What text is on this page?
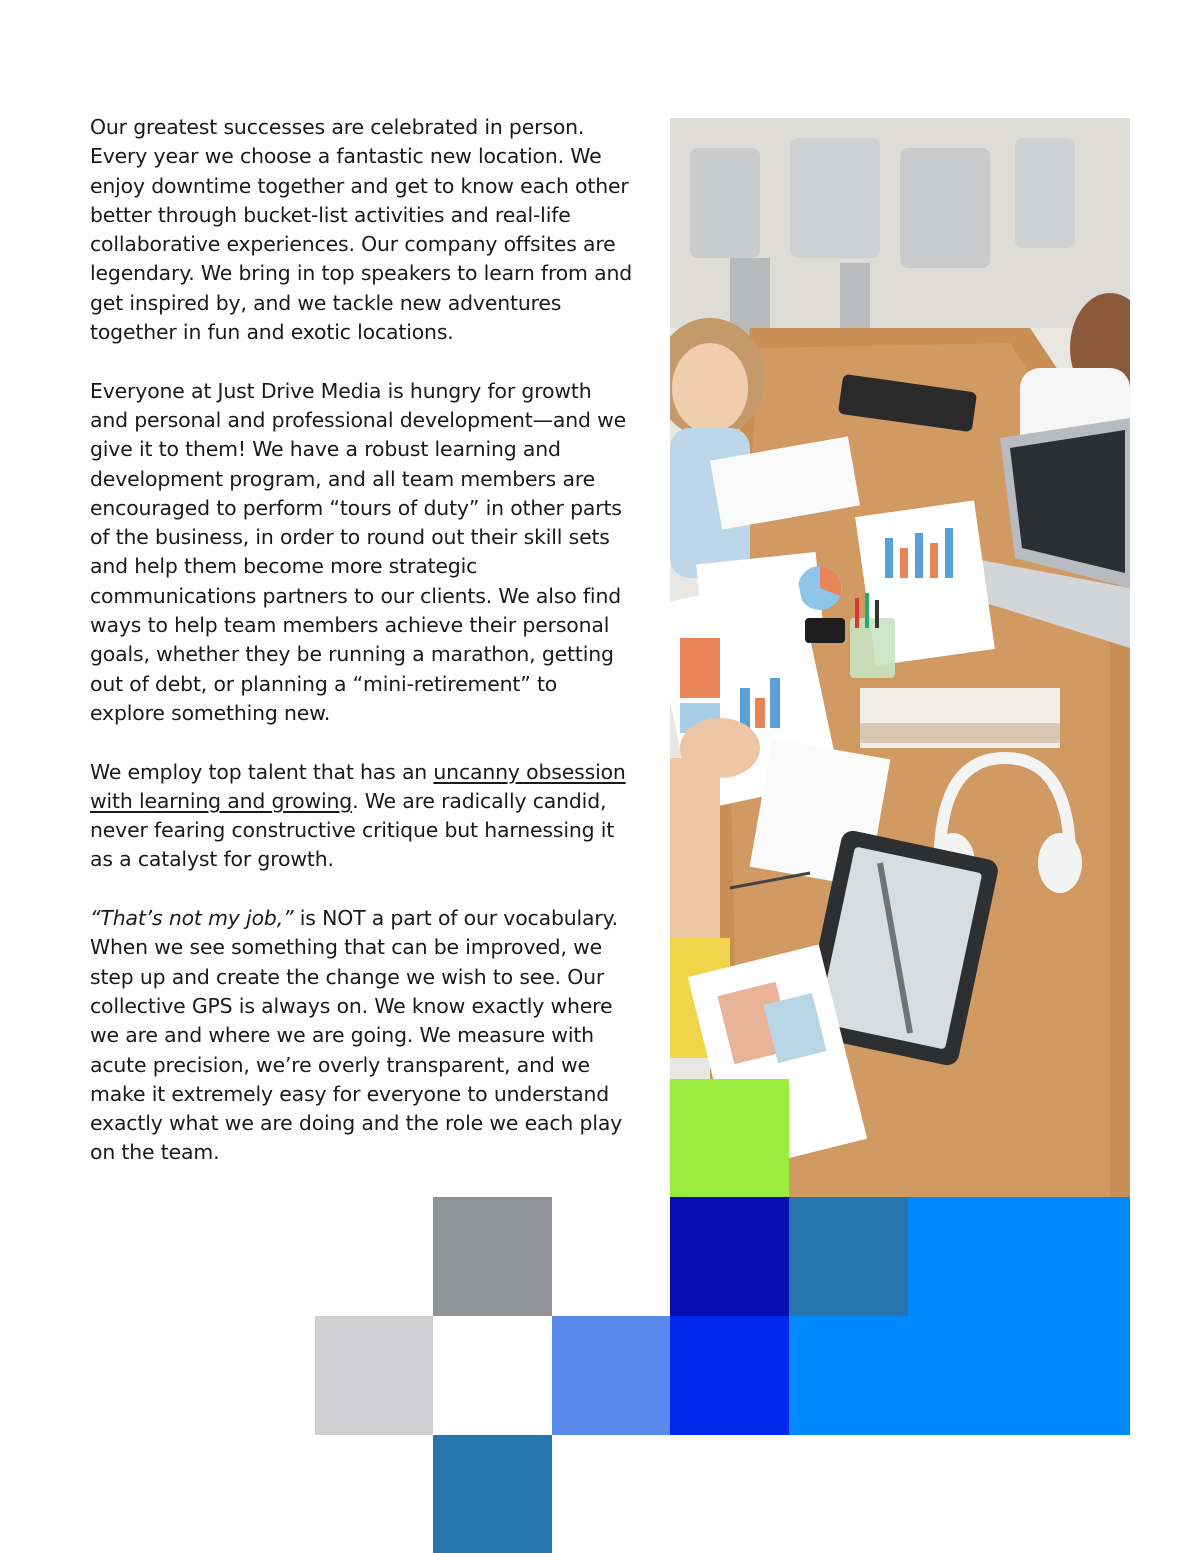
Our greatest successes are celebrated in person. Every year we choose a fantastic new location. We enjoy downtime together and get to know each other better through bucket-list activities and real-life collaborative experiences. Our company offsites are legendary. We bring in top speakers to learn from and get inspired by, and we tackle new adventures together in fun and exotic locations.

Everyone at Just Drive Media is hungry for growth and personal and professional development—and we give it to them! We have a robust learning and development program, and all team members are encouraged to perform “tours of duty” in other parts of the business, in order to round out their skill sets and help them become more strategic communications partners to our clients. We also find ways to help team members achieve their personal goals, whether they be running a marathon, getting out of debt, or planning a “mini-retirement” to explore something new.

We employ top talent that has an uncanny obsession with learning and growing. We are radically candid, never fearing constructive critique but harnessing it as a catalyst for growth.

“That’s not my job,” is NOT a part of our vocabulary. When we see something that can be improved, we step up and create the change we wish to see. Our collective GPS is always on. We know exactly where we are and where we are going. We measure with acute precision, we’re overly transparent, and we make it extremely easy for everyone to understand exactly what we are doing and the role we each play on the team.
